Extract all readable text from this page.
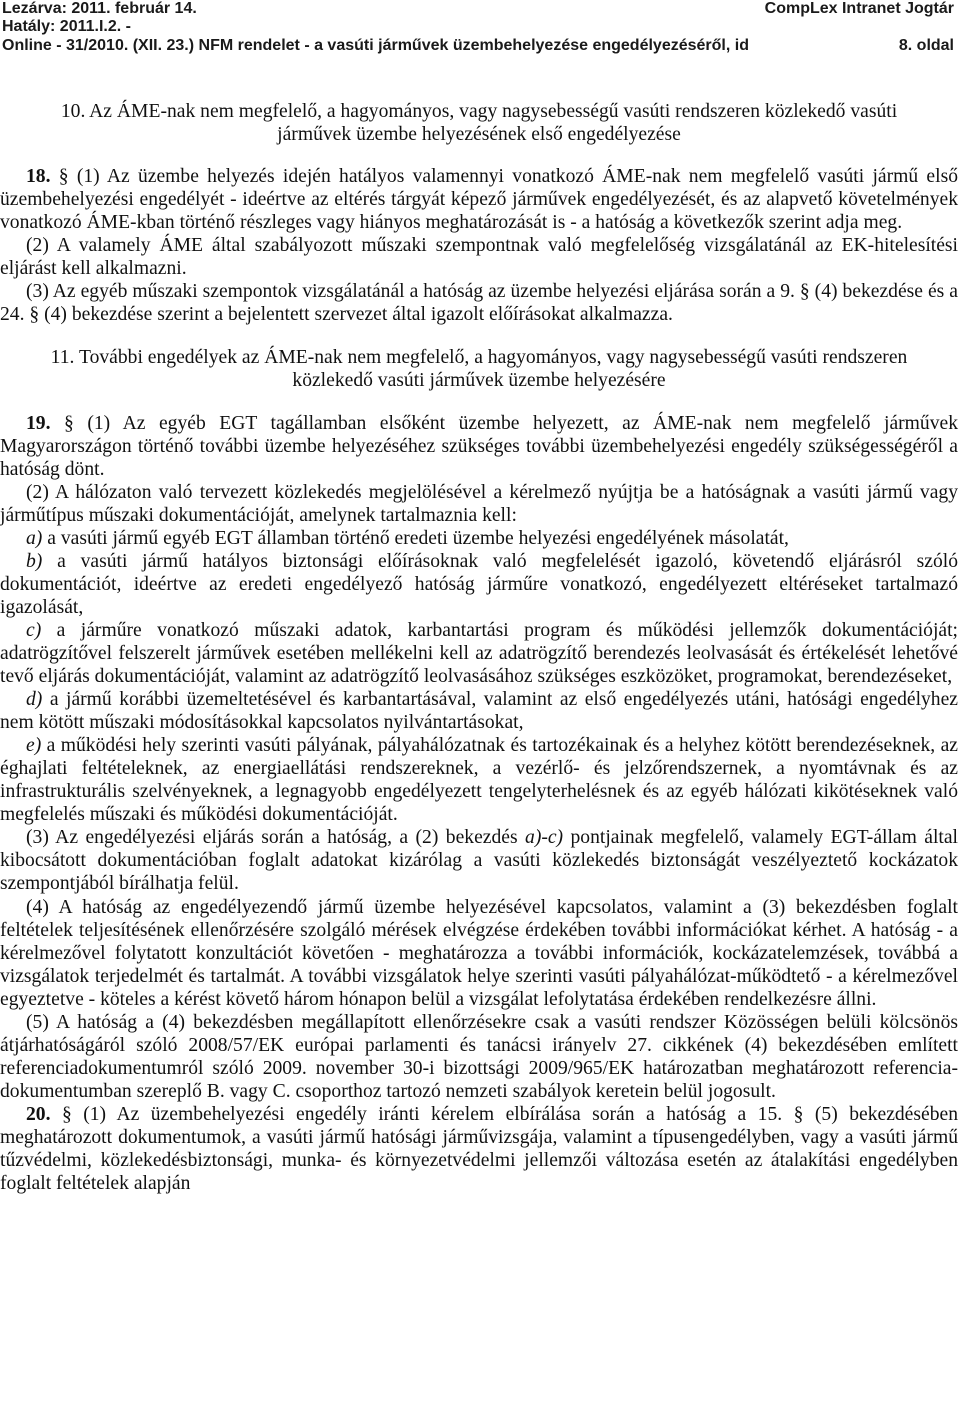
Lezárva: 2011. február 14.	CompLex Intranet Jogtár
Hatály: 2011.I.2. -
Online - 31/2010. (XII. 23.) NFM rendelet - a vasúti járművek üzembehelyezése engedélyezéséről, id	8. oldal
10. Az ÁME-nak nem megfelelő, a hagyományos, vagy nagysebességű vasúti rendszeren közlekedő vasúti járművek üzembe helyezésének első engedélyezése

18. § (1) Az üzembe helyezés idején hatályos valamennyi vonatkozó ÁME-nak nem megfelelő vasúti jármű első üzembehelyezési engedélyét - ideértve az eltérés tárgyát képező járművek engedélyezését, és az alapvető követelmények vonatkozó ÁME-kban történő részleges vagy hiányos meghatározását is - a hatóság a következők szerint adja meg.

(2) A valamely ÁME által szabályozott műszaki szempontnak való megfelelőség vizsgálatánál az EK-hitelesítési eljárást kell alkalmazni.

(3) Az egyéb műszaki szempontok vizsgálatánál a hatóság az üzembe helyezési eljárása során a 9. § (4) bekezdése és a 24. § (4) bekezdése szerint a bejelentett szervezet által igazolt előírásokat alkalmazza.

11. További engedélyek az ÁME-nak nem megfelelő, a hagyományos, vagy nagysebességű vasúti rendszeren közlekedő vasúti járművek üzembe helyezésére

19. § (1) Az egyéb EGT tagállamban elsőként üzembe helyezett, az ÁME-nak nem megfelelő járművek Magyarországon történő további üzembe helyezéséhez szükséges további üzembehelyezési engedély szükségességéről a hatóság dönt.

(2) A hálózaton való tervezett közlekedés megjelölésével a kérelmező nyújtja be a hatóságnak a vasúti jármű vagy járműtípus műszaki dokumentációját, amelynek tartalmaznia kell:

a) a vasúti jármű egyéb EGT államban történő eredeti üzembe helyezési engedélyének másolatát,

b) a vasúti jármű hatályos biztonsági előírásoknak való megfelelését igazoló, követendő eljárásról szóló dokumentációt, ideértve az eredeti engedélyező hatóság járműre vonatkozó, engedélyezett eltéréseket tartalmazó igazolását,

c) a járműre vonatkozó műszaki adatok, karbantartási program és működési jellemzők dokumentációját; adatrögzítővel felszerelt járművek esetében mellékelni kell az adatrögzítő berendezés leolvasását és értékelését lehetővé tevő eljárás dokumentációját, valamint az adatrögzítő leolvasásához szükséges eszközöket, programokat, berendezéseket,

d) a jármű korábbi üzemeltetésével és karbantartásával, valamint az első engedélyezés utáni, hatósági engedélyhez nem kötött műszaki módosításokkal kapcsolatos nyilvántartásokat,

e) a működési hely szerinti vasúti pályának, pályahálózatnak és tartozékainak és a helyhez kötött berendezéseknek, az éghajlati feltételeknek, az energiaellátási rendszereknek, a vezérlő- és jelzőrendszernek, a nyomtávnak és az infrastrukturális szelvényeknek, a legnagyobb engedélyezett tengelyterhelésnek és az egyéb hálózati kikötéseknek való megfelelés műszaki és működési dokumentációját.

(3) Az engedélyezési eljárás során a hatóság, a (2) bekezdés a)-c) pontjainak megfelelő, valamely EGT-állam által kibocsátott dokumentációban foglalt adatokat kizárólag a vasúti közlekedés biztonságát veszélyeztető kockázatok szempontjából bírálhatja felül.

(4) A hatóság az engedélyezendő jármű üzembe helyezésével kapcsolatos, valamint a (3) bekezdésben foglalt feltételek teljesítésének ellenőrzésére szolgáló mérések elvégzése érdekében további információkat kérhet. A hatóság - a kérelmezővel folytatott konzultációt követően - meghatározza a további információk, kockázatelemzések, továbbá a vizsgálatok terjedelmét és tartalmát. A további vizsgálatok helye szerinti vasúti pályahálózat-működtető - a kérelmezővel egyeztetve - köteles a kérést követő három hónapon belül a vizsgálat lefolytatása érdekében rendelkezésre állni.

(5) A hatóság a (4) bekezdésben megállapított ellenőrzésekre csak a vasúti rendszer Közösségen belüli kölcsönös átjárhatóságáról szóló 2008/57/EK európai parlamenti és tanácsi irányelv 27. cikkének (4) bekezdésében említett referenciadokumentumról szóló 2009. november 30-i bizottsági 2009/965/EK határozatban meghatározott referencia-dokumentumban szereplő B. vagy C. csoporthoz tartozó nemzeti szabályok keretein belül jogosult.

20. § (1) Az üzembehelyezési engedély iránti kérelem elbírálása során a hatóság a 15. § (5) bekezdésében meghatározott dokumentumok, a vasúti jármű hatósági járművizsgája, valamint a típusengedélyben, vagy a vasúti jármű tűzvédelmi, közlekedésbiztonsági, munka- és környezetvédelmi jellemzői változása esetén az átalakítási engedélyben foglalt feltételek alapján
